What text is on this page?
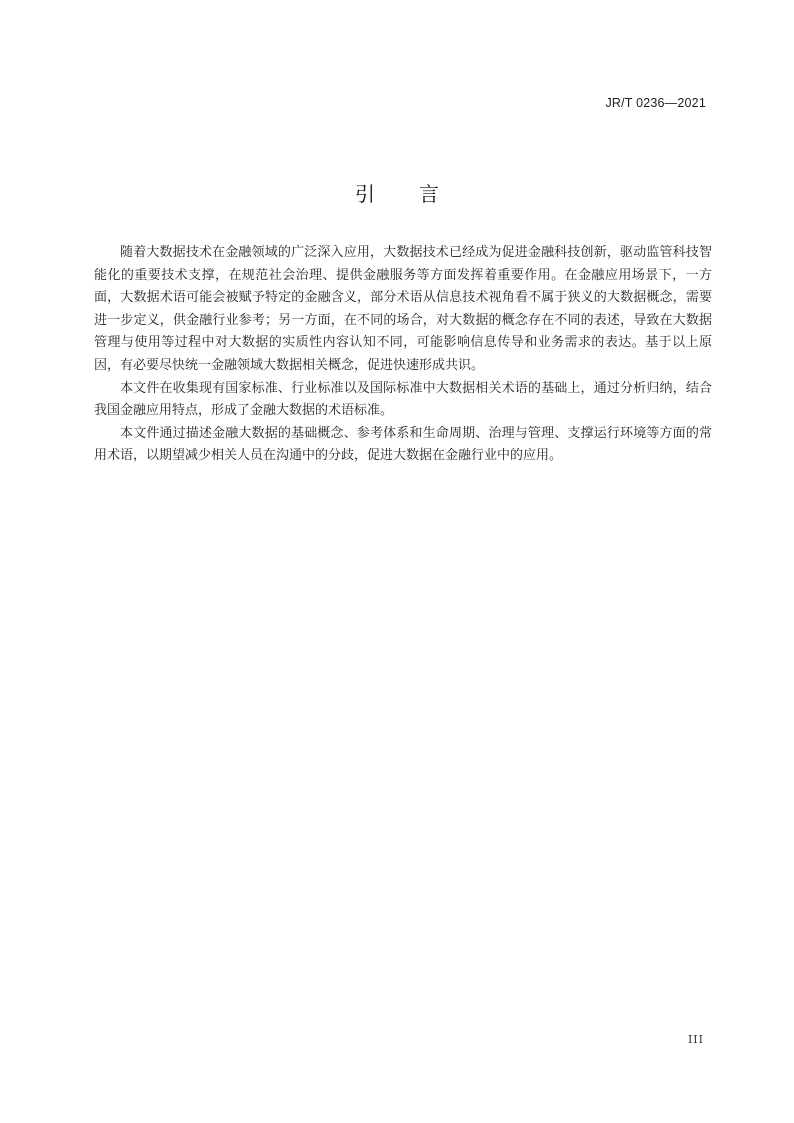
JR/T 0236—2021
引 言

随着大数据技术在金融领域的广泛深入应用，大数据技术已经成为促进金融科技创新，驱动监管科技智能化的重要技术支撑，在规范社会治理、提供金融服务等方面发挥着重要作用。在金融应用场景下，一方面，大数据术语可能会被赋予特定的金融含义，部分术语从信息技术视角看不属于狭义的大数据概念，需要进一步定义，供金融行业参考；另一方面，在不同的场合，对大数据的概念存在不同的表述，导致在大数据管理与使用等过程中对大数据的实质性内容认知不同，可能影响信息传导和业务需求的表达。基于以上原因，有必要尽快统一金融领域大数据相关概念，促进快速形成共识。

本文件在收集现有国家标准、行业标准以及国际标准中大数据相关术语的基础上，通过分析归纳，结合我国金融应用特点，形成了金融大数据的术语标准。

本文件通过描述金融大数据的基础概念、参考体系和生命周期、治理与管理、支撑运行环境等方面的常用术语，以期望减少相关人员在沟通中的分歧，促进大数据在金融行业中的应用。

III
